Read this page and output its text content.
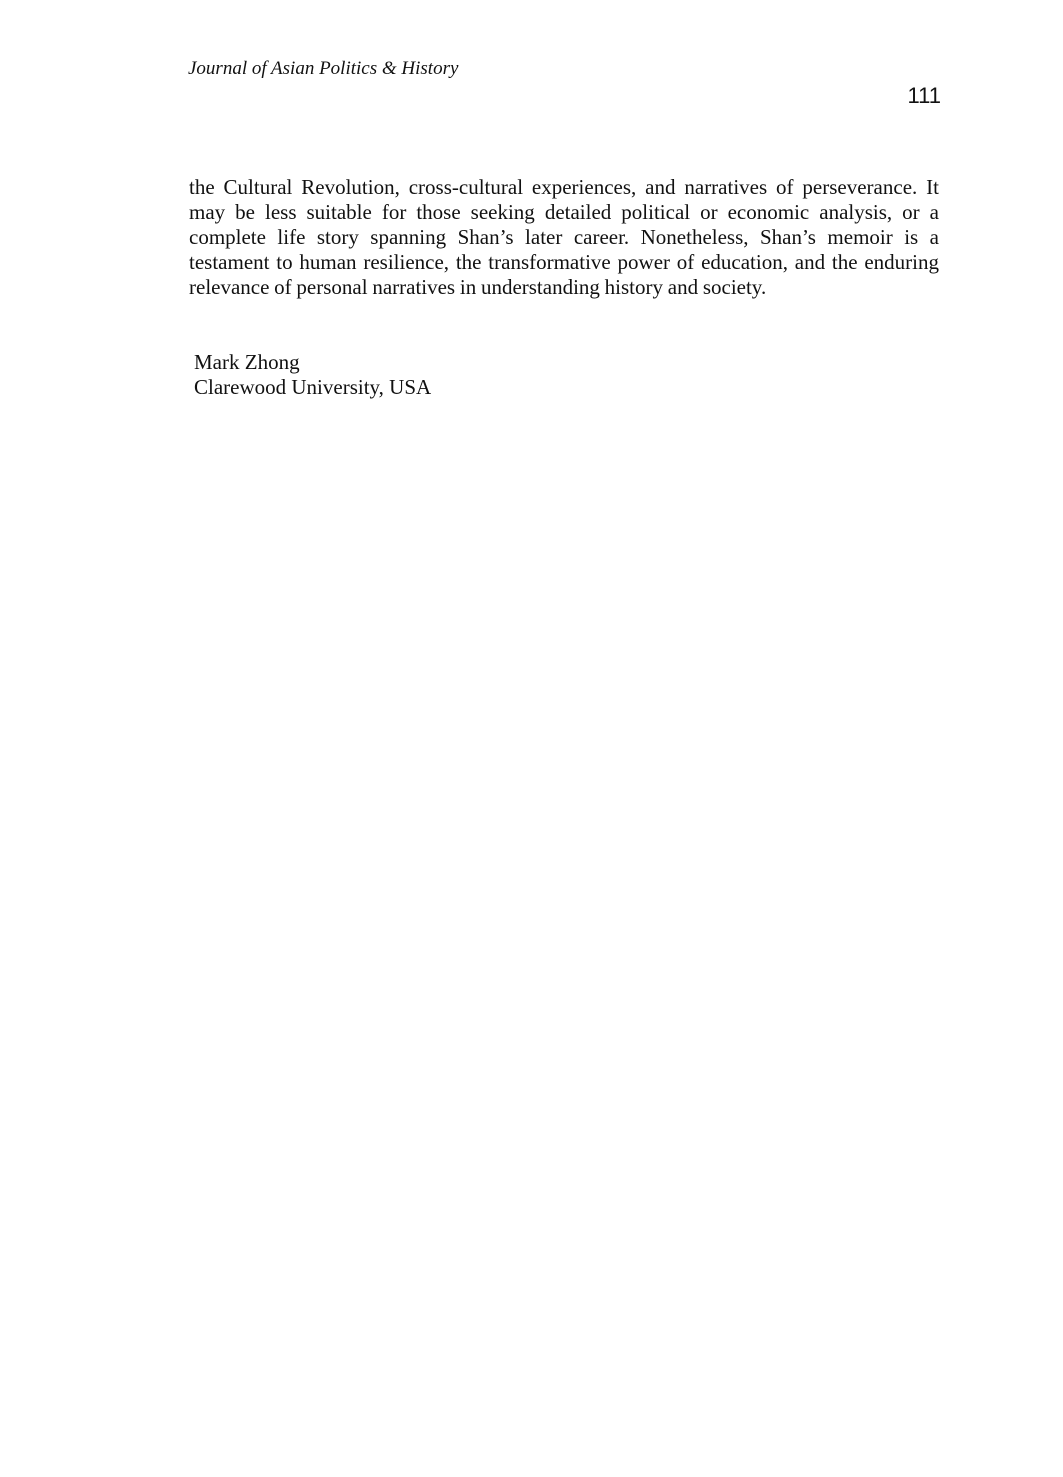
Journal of Asian Politics & History
111

the Cultural Revolution, cross-cultural experiences, and narratives of perseverance. It may be less suitable for those seeking detailed political or economic analysis, or a complete life story spanning Shan’s later career. Nonetheless, Shan’s memoir is a testament to human resilience, the transformative power of education, and the enduring relevance of personal narratives in understanding history and society.

Mark Zhong
Clarewood University, USA
